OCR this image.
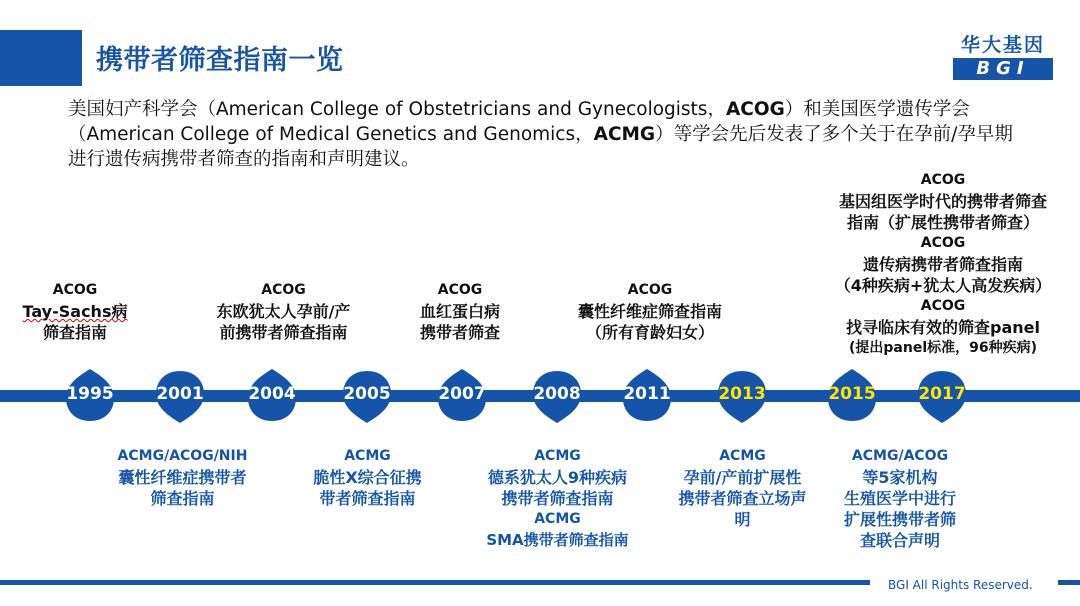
携带者筛查指南一览	华大基因
BGI
美国妇产科学会（American College of Obstetricians and Gynecologists，ACOG）和美国医学遗传学会（American College of Medical Genetics and Genomics，ACMG）等学会先后发表了多个关于在孕前/孕早期进行遗传病携带者筛查的指南和声明建议。
ACOG
Tay-Sachs病
筛查指南
ACOG
东欧犹太人孕前/产
前携带者筛查指南
ACOG
血红蛋白病
携带者筛查
ACOG
囊性纤维症筛查指南
（所有育龄妇女）
ACOG
基因组医学时代的携带者筛查
指南（扩展性携带者筛查）
ACOG
遗传病携带者筛查指南
（4种疾病+犹太人高发疾病）
ACOG
找寻临床有效的筛查panel
(提出panel标准，96种疾病)
1995	2001	2004	2005	2007	2008	2011	2013	2015	2017
ACMG/ACOG/NIH
囊性纤维症携带者
筛查指南
ACMG
脆性X综合征携
带者筛查指南
ACMG
德系犹太人9种疾病
携带者筛查指南
ACMG
SMA携带者筛查指南
ACMG
孕前/产前扩展性
携带者筛查立场声
明
ACMG/ACOG
等5家机构
生殖医学中进行
扩展性携带者筛
查联合声明
BGI All Rights Reserved.
